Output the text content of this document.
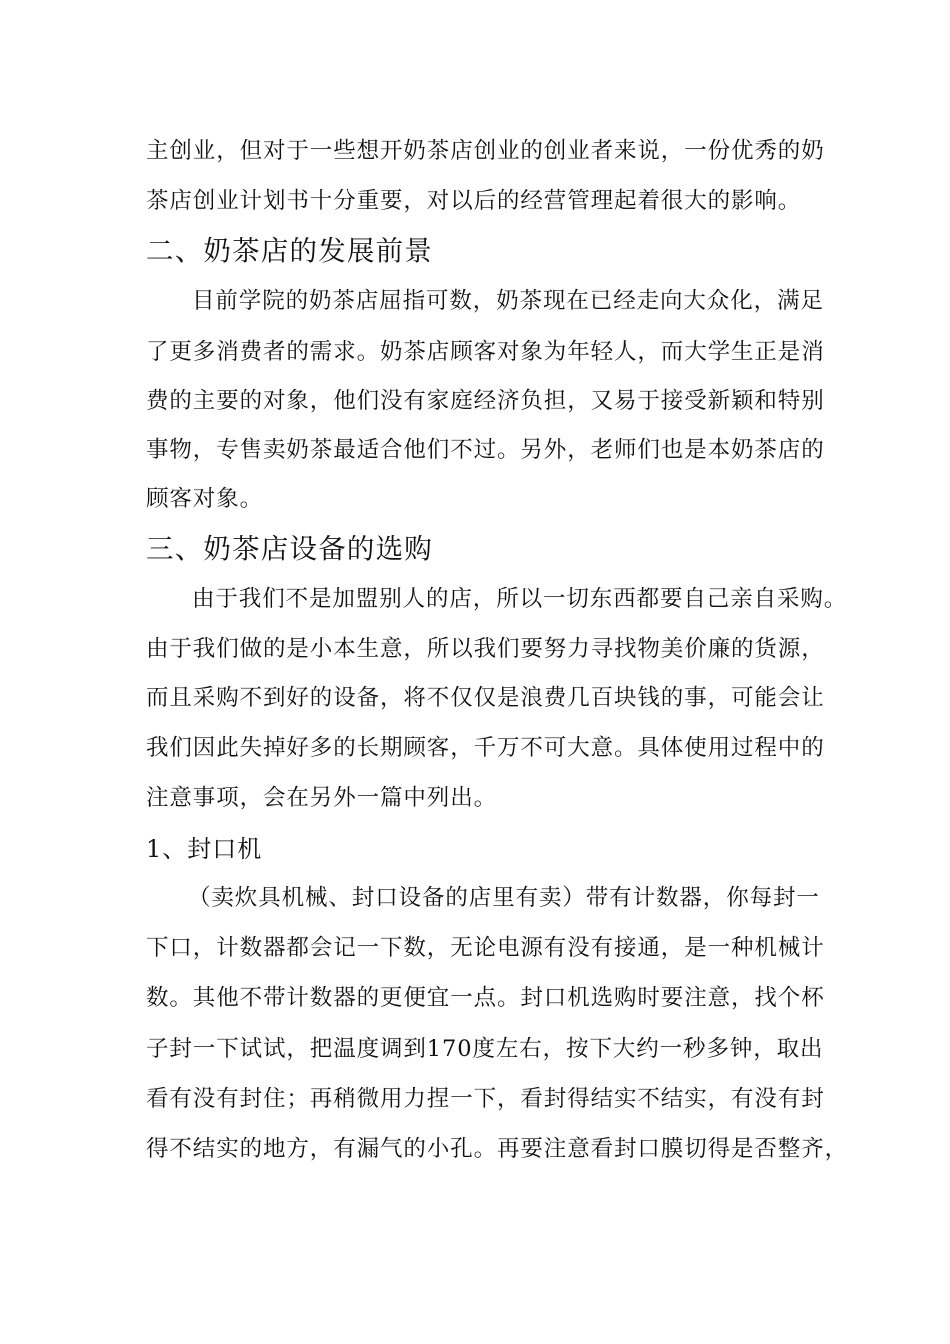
主创业，但对于一些想开奶茶店创业的创业者来说，一份优秀的奶
茶店创业计划书十分重要，对以后的经营管理起着很大的影响。
二、奶茶店的发展前景
目前学院的奶茶店屈指可数，奶茶现在已经走向大众化，满足
了更多消费者的需求。奶茶店顾客对象为年轻人，而大学生正是消
费的主要的对象，他们没有家庭经济负担，又易于接受新颖和特别
事物，专售卖奶茶最适合他们不过。另外，老师们也是本奶茶店的
顾客对象。
三、奶茶店设备的选购
由于我们不是加盟别人的店，所以一切东西都要自己亲自采购。
由于我们做的是小本生意，所以我们要努力寻找物美价廉的货源，
而且采购不到好的设备，将不仅仅是浪费几百块钱的事，可能会让
我们因此失掉好多的长期顾客，千万不可大意。具体使用过程中的
注意事项，会在另外一篇中列出。
1、封口机
（卖炊具机械、封口设备的店里有卖）带有计数器，你每封一
下口，计数器都会记一下数，无论电源有没有接通，是一种机械计
数。其他不带计数器的更便宜一点。封口机选购时要注意，找个杯
子封一下试试，把温度调到170度左右，按下大约一秒多钟，取出
看有没有封住；再稍微用力捏一下，看封得结实不结实，有没有封
得不结实的地方，有漏气的小孔。再要注意看封口膜切得是否整齐，
